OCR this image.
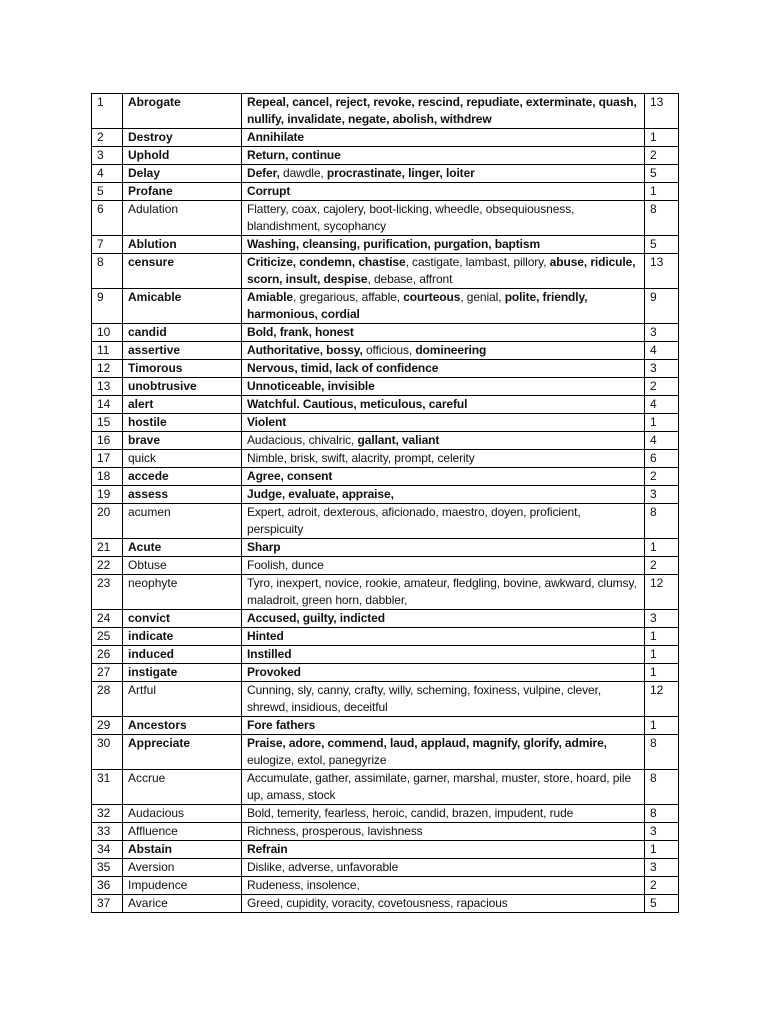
1	Abrogate	Repeal, cancel, reject, revoke, rescind, repudiate, exterminate, quash, nullify, invalidate, negate, abolish, withdrew	13
2	Destroy	Annihilate	1
3	Uphold	Return, continue	2
4	Delay	Defer, dawdle, procrastinate, linger, loiter	5
5	Profane	Corrupt	1
6	Adulation	Flattery, coax, cajolery, boot-licking, wheedle, obsequiousness, blandishment, sycophancy	8
7	Ablution	Washing, cleansing, purification, purgation, baptism	5
8	censure	Criticize, condemn, chastise, castigate, lambast, pillory, abuse, ridicule, scorn, insult, despise, debase, affront	13
9	Amicable	Amiable, gregarious, affable, courteous, genial, polite, friendly, harmonious, cordial	9
10	candid	Bold, frank, honest	3
11	assertive	Authoritative, bossy, officious, domineering	4
12	Timorous	Nervous, timid, lack of confidence	3
13	unobtrusive	Unnoticeable, invisible	2
14	alert	Watchful. Cautious, meticulous, careful	4
15	hostile	Violent	1
16	brave	Audacious, chivalric, gallant, valiant	4
17	quick	Nimble, brisk, swift, alacrity, prompt, celerity	6
18	accede	Agree, consent	2
19	assess	Judge, evaluate, appraise,	3
20	acumen	Expert, adroit, dexterous, aficionado, maestro, doyen, proficient, perspicuity	8
21	Acute	Sharp	1
22	Obtuse	Foolish, dunce	2
23	neophyte	Tyro, inexpert, novice, rookie, amateur, fledgling, bovine, awkward, clumsy, maladroit, green horn, dabbler,	12
24	convict	Accused, guilty, indicted	3
25	indicate	Hinted	1
26	induced	Instilled	1
27	instigate	Provoked	1
28	Artful	Cunning, sly, canny, crafty, willy, scheming, foxiness, vulpine, clever, shrewd, insidious, deceitful	12
29	Ancestors	Fore fathers	1
30	Appreciate	Praise, adore, commend, laud, applaud, magnify, glorify, admire, eulogize, extol, panegyrize	8
31	Accrue	Accumulate, gather, assimilate, garner, marshal, muster, store, hoard, pile up, amass, stock	8
32	Audacious	Bold, temerity, fearless, heroic, candid, brazen, impudent, rude	8
33	Affluence	Richness, prosperous, lavishness	3
34	Abstain	Refrain	1
35	Aversion	Dislike, adverse, unfavorable	3
36	Impudence	Rudeness, insolence,	2
37	Avarice	Greed, cupidity, voracity, covetousness, rapacious	5
